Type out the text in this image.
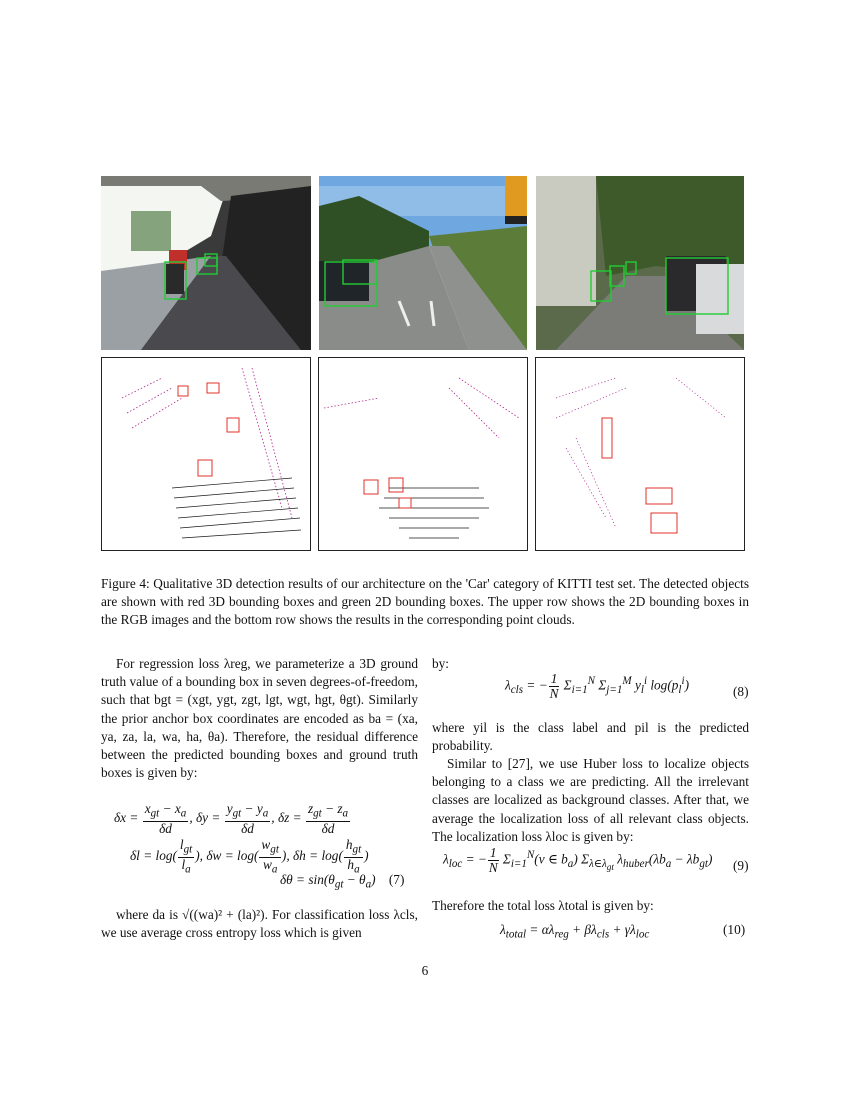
Figure 4: Qualitative 3D detection results of our architecture on the 'Car' category of KITTI test set. The detected objects are shown with red 3D bounding boxes and green 2D bounding boxes. The upper row shows the 2D bounding boxes in the RGB images and the bottom row shows the results in the corresponding point clouds.

For regression loss λreg, we parameterize a 3D ground truth value of a bounding box in seven degrees-of-freedom, such that bgt = (xgt, ygt, zgt, lgt, wgt, hgt, θgt). Similarly the prior anchor box coordinates are encoded as ba = (xa, ya, za, la, wa, ha, θa). Therefore, the residual difference between the predicted bounding boxes and ground truth boxes is given by:

$\delta x = \frac{x_{gt} - x_a}{\delta d}$ , $\delta y = \frac{y_{gt} - y_a}{\delta d}$ , $\delta z = \frac{z_{gt} - z_a}{\delta d}$
$\delta l = \log( \frac{l_{gt}}{l_a}$ ), $\delta w = \log( \frac{w_{gt}}{w_a}$ ), $\delta h = \log( \frac{h_{gt}}{h_a}$ )
$\delta\theta = \sin(\theta_{gt} - \theta_a)$    (7)

where da is √((wa)² + (la)²). For classification loss λcls, we use average cross entropy loss which is given

by:

$\lambda_{cls}$ = − $\frac{1}{N} \Sigma_{i=1}^N$ $\Sigma_{j=1}^M$ $y_l^i$ $\log(p_l^i)$	(8)

where yil is the class label and pil is the predicted probability.

Similar to [27], we use Huber loss to localize objects belonging to a class we are predicting. All the irrelevant classes are localized as background classes. After that, we average the localization loss of all relevant class objects. The localization loss λloc is given by:

$\lambda_{loc}$ = − $\frac{1}{N} \Sigma_{i=1}^N(v$ ∈ $b_a$) $\Sigma_{\lambda\in\lambda_{gt}}$ $\lambda_{huber}(\lambda b_a - \lambda b_{gt})$ (9)

Therefore the total loss λtotal is given by:

$\lambda_{total} = \alpha\lambda_{reg} + \beta\lambda_{cls} + \gamma\lambda_{loc}$	(10)
6
